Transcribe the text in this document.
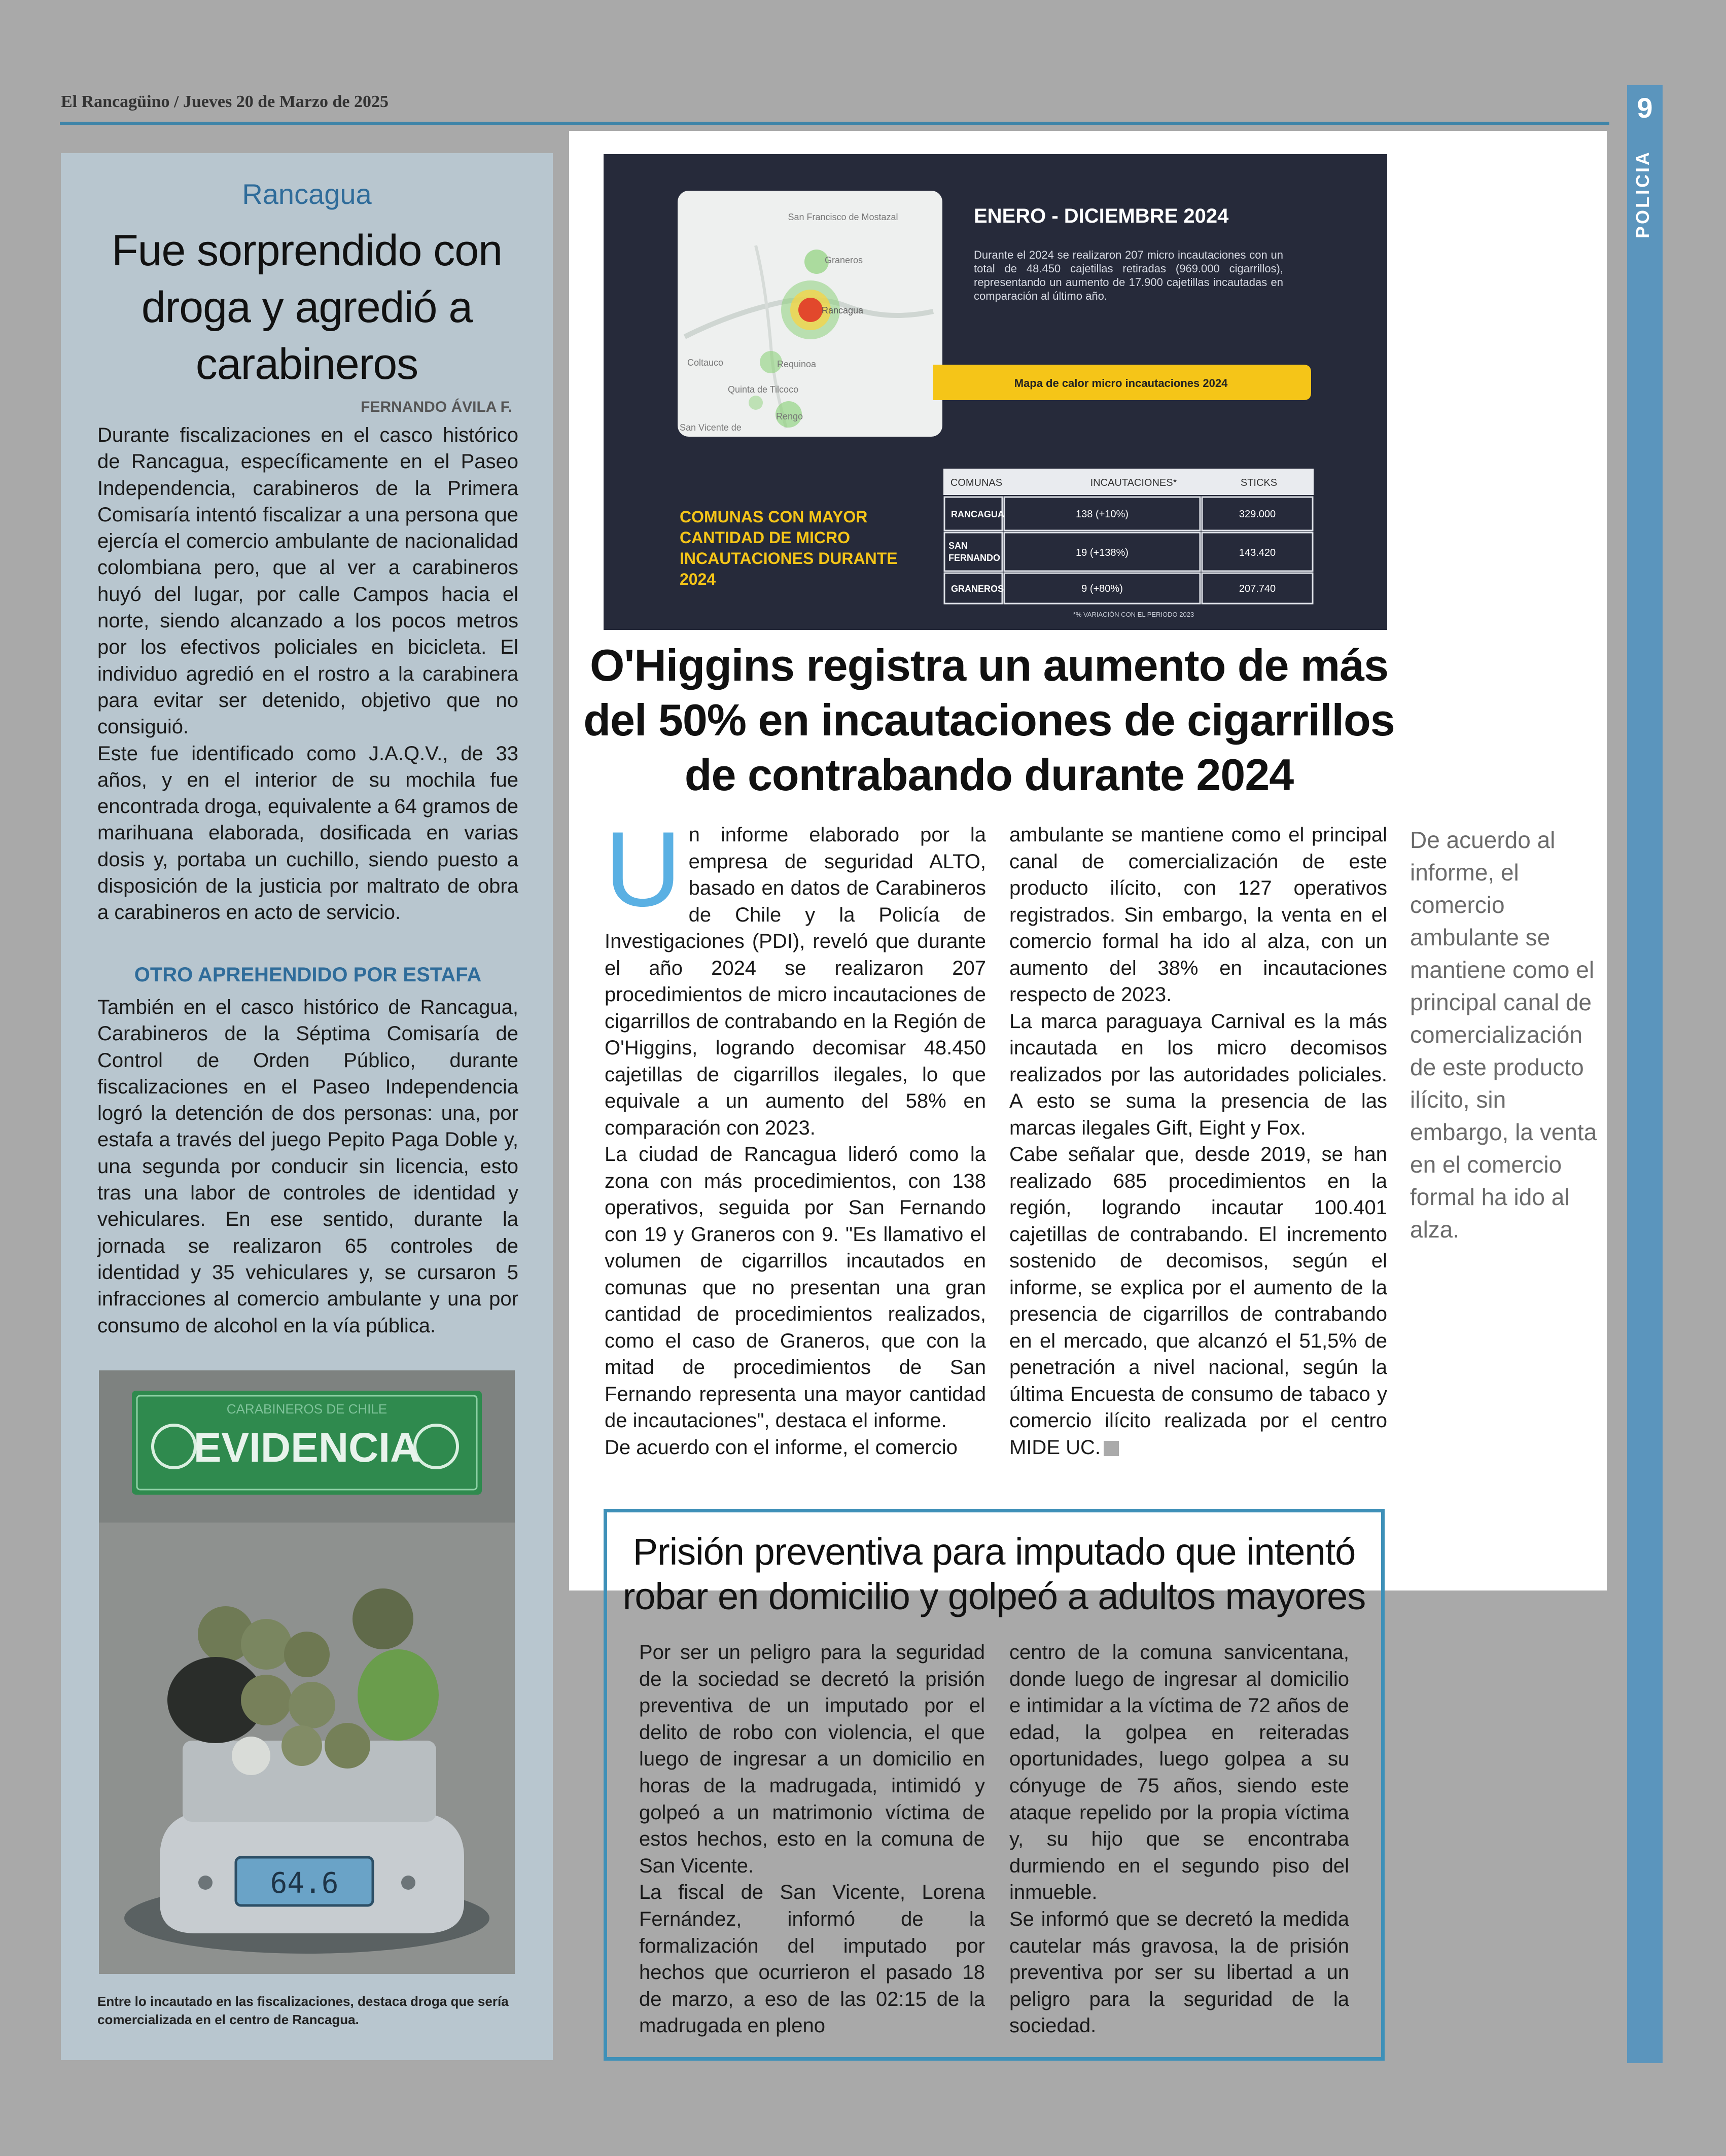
El Rancagüino / Jueves 20 de Marzo de 2025	9
POLICIA
Rancagua
Fue sorprendido con droga y agredió a carabineros
FERNANDO ÁVILA F.

Durante fiscalizaciones en el casco histórico de Rancagua, específicamente en el Paseo Independencia, carabineros de la Primera Comisaría intentó fiscalizar a una persona que ejercía el comercio ambulante de nacionalidad colombiana pero, que al ver a carabineros huyó del lugar, por calle Campos hacia el norte, siendo alcanzado a los pocos metros por los efectivos policiales en bicicleta. El individuo agredió en el rostro a la carabinera para evitar ser detenido, objetivo que no consiguió.

Este fue identificado como J.A.Q.V., de 33 años, y en el interior de su mochila fue encontrada droga, equivalente a 64 gramos de marihuana elaborada, dosificada en varias dosis y, portaba un cuchillo, siendo puesto a disposición de la justicia por maltrato de obra a carabineros en acto de servicio.

OTRO APREHENDIDO POR ESTAFA

También en el casco histórico de Rancagua, Carabineros de la Séptima Comisaría de Control de Orden Público, durante fiscalizaciones en el Paseo Independencia logró la detención de dos personas: una, por estafa a través del juego Pepito Paga Doble y, una segunda por conducir sin licencia, esto tras una labor de controles de identidad y vehiculares. En ese sentido, durante la jornada se realizaron 65 controles de identidad y 35 vehiculares y, se cursaron 5 infracciones al comercio ambulante y una por consumo de alcohol en la vía pública.

CARABINEROS DE CHILE
EVIDENCIA
64.6
Entre lo incautado en las fiscalizaciones, destaca droga que sería comercializada en el centro de Rancagua.
San Francisco de Mostazal
Graneros
Rancagua
Coltauco	Requinoa
Quinta de Tilcoco
Rengo
San Vicente de
ENERO - DICIEMBRE 2024
Durante el 2024 se realizaron 207 micro incautaciones con un total de 48.450 cajetillas retiradas (969.000 cigarrillos), representando un aumento de 17.900 cajetillas incautadas en comparación al último año.
Mapa de calor micro incautaciones 2024
COMUNAS CON MAYOR CANTIDAD DE MICRO INCAUTACIONES DURANTE 2024
COMUNAS	INCAUTACIONES*	STICKS
RANCAGUA	138 (+10%)	329.000
SAN FERNANDO	19 (+138%)	143.420
GRANEROS	9 (+80%)	207.740
*% VARIACIÓN CON EL PERIODO 2023
O'Higgins registra un aumento de más del 50% en incautaciones de cigarrillos de contrabando durante 2024
U n informe elaborado por la empresa de seguridad ALTO, basado en datos de Carabineros de Chile y la Policía de Investigaciones (PDI), reveló que durante el año 2024 se realizaron 207 procedimientos de micro incautaciones de cigarrillos de contrabando en la Región de O'Higgins, logrando decomisar 48.450 cajetillas de cigarrillos ilegales, lo que equivale a un aumento del 58% en comparación con 2023.

La ciudad de Rancagua lideró como la zona con más procedimientos, con 138 operativos, seguida por San Fernando con 19 y Graneros con 9. "Es llamativo el volumen de cigarrillos incautados en comunas que no presentan una gran cantidad de procedimientos realizados, como el caso de Graneros, que con la mitad de procedimientos de San Fernando representa una mayor cantidad de incautaciones", destaca el informe.

De acuerdo con el informe, el comercio

ambulante se mantiene como el principal canal de comercialización de este producto ilícito, con 127 operativos registrados. Sin embargo, la venta en el comercio formal ha ido al alza, con un aumento del 38% en incautaciones respecto de 2023.

La marca paraguaya Carnival es la más incautada en los micro decomisos realizados por las autoridades policiales. A esto se suma la presencia de las marcas ilegales Gift, Eight y Fox.

Cabe señalar que, desde 2019, se han realizado 685 procedimientos en la región, logrando incautar 100.401 cajetillas de contrabando. El incremento sostenido de decomisos, según el informe, se explica por el aumento de la presencia de cigarrillos de contrabando en el mercado, que alcanzó el 51,5% de penetración a nivel nacional, según la última Encuesta de consumo de tabaco y comercio ilícito realizada por el centro MIDE UC.

De acuerdo al informe, el comercio ambulante se mantiene como el principal canal de comercialización de este producto ilícito, sin embargo, la venta en el comercio formal ha ido al alza.
Prisión preventiva para imputado que intentó robar en domicilio y golpeó a adultos mayores

Por ser un peligro para la seguridad de la sociedad se decretó la prisión preventiva de un imputado por el delito de robo con violencia, el que luego de ingresar a un domicilio en horas de la madrugada, intimidó y golpeó a un matrimonio víctima de estos hechos, esto en la comuna de San Vicente.

La fiscal de San Vicente, Lorena Fernández, informó de la formalización del imputado por hechos que ocurrieron el pasado 18 de marzo, a eso de las 02:15 de la madrugada en pleno

centro de la comuna sanvicentana, donde luego de ingresar al domicilio e intimidar a la víctima de 72 años de edad, la golpea en reiteradas oportunidades, luego golpea a su cónyuge de 75 años, siendo este ataque repelido por la propia víctima y, su hijo que se encontraba durmiendo en el segundo piso del inmueble.

Se informó que se decretó la medida cautelar más gravosa, la de prisión preventiva por ser su libertad a un peligro para la seguridad de la sociedad.
